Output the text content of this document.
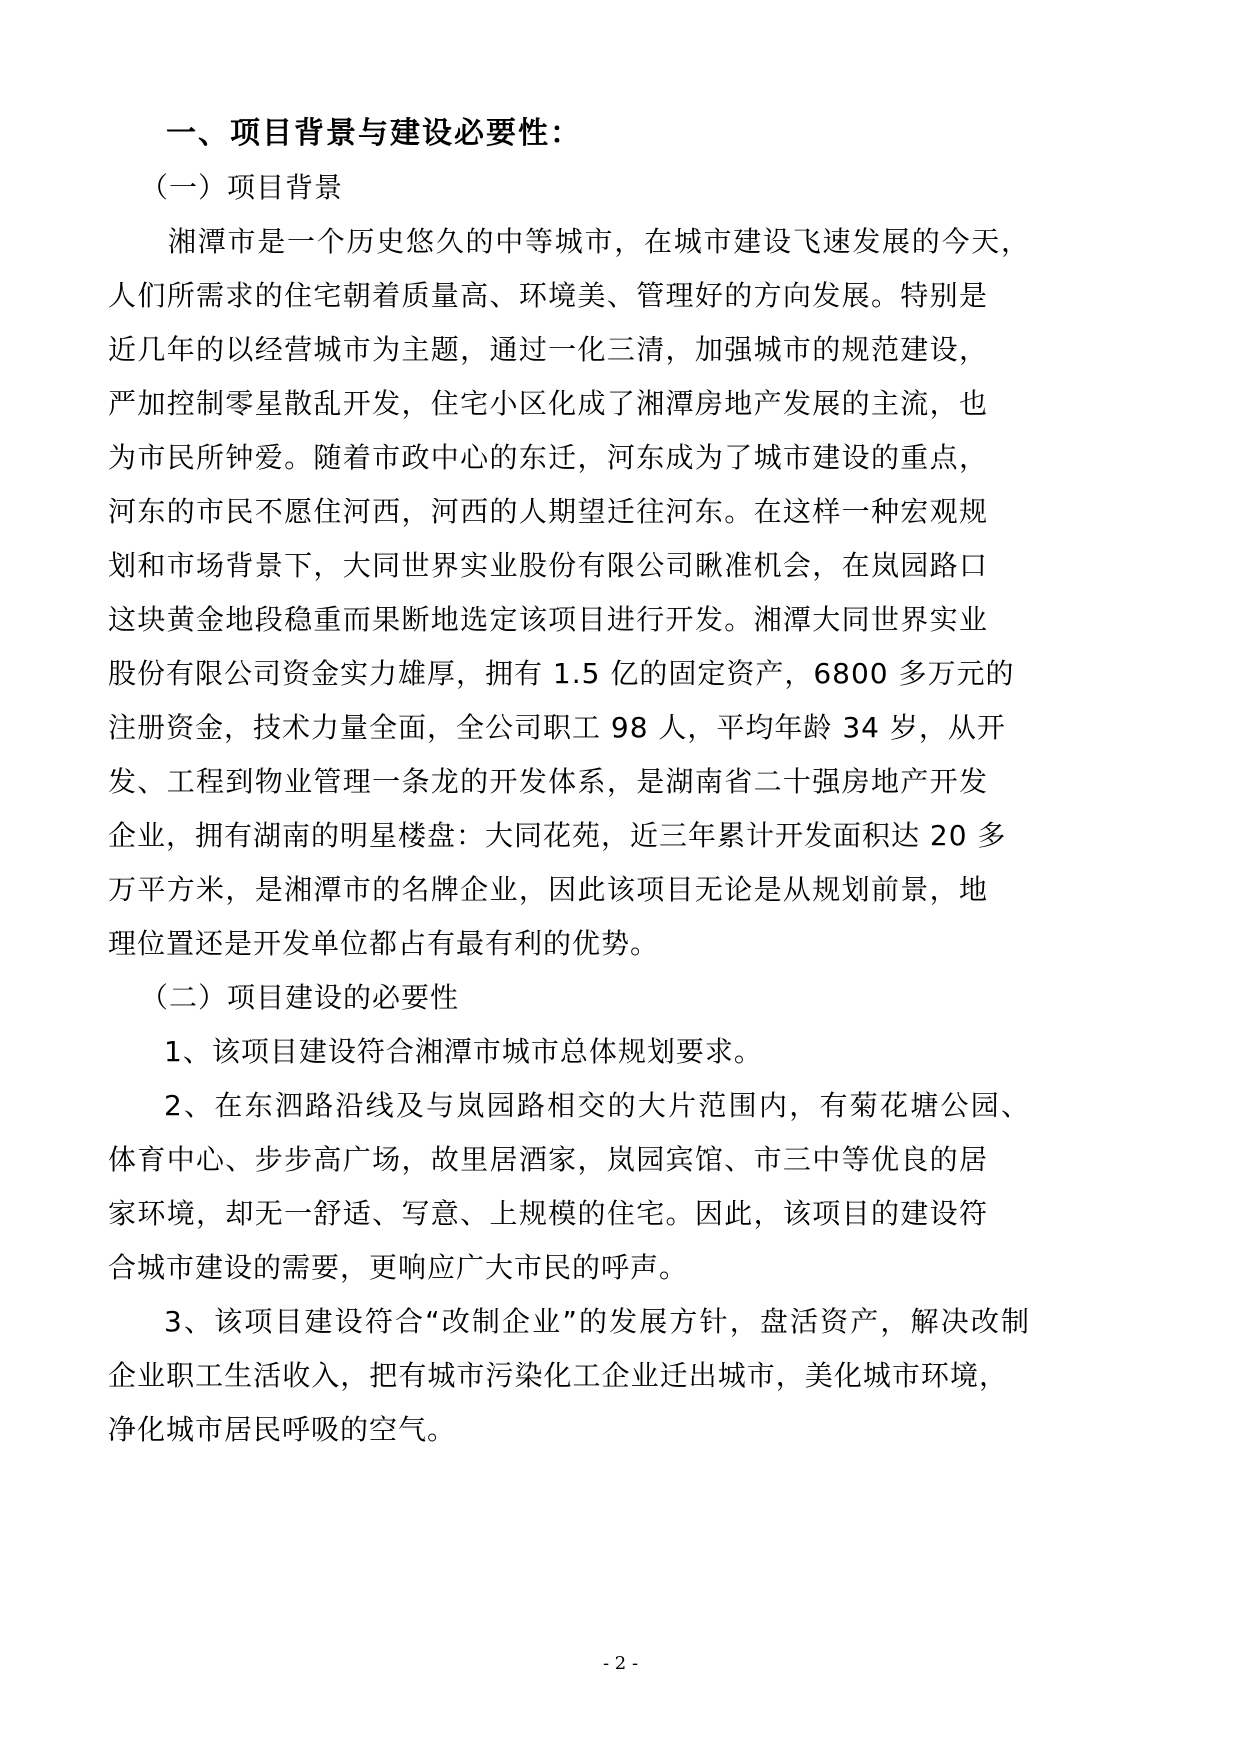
一、项目背景与建设必要性：
（一）项目背景
湘潭市是一个历史悠久的中等城市，在城市建设飞速发展的今天，
人们所需求的住宅朝着质量高、环境美、管理好的方向发展。特别是
近几年的以经营城市为主题，通过一化三清，加强城市的规范建设，
严加控制零星散乱开发，住宅小区化成了湘潭房地产发展的主流，也
为市民所钟爱。随着市政中心的东迁，河东成为了城市建设的重点，
河东的市民不愿住河西，河西的人期望迁往河东。在这样一种宏观规
划和市场背景下，大同世界实业股份有限公司瞅准机会，在岚园路口
这块黄金地段稳重而果断地选定该项目进行开发。湘潭大同世界实业
股份有限公司资金实力雄厚，拥有 1.5 亿的固定资产，6800 多万元的
注册资金，技术力量全面，全公司职工 98 人，平均年龄 34 岁，从开
发、工程到物业管理一条龙的开发体系，是湖南省二十强房地产开发
企业，拥有湖南的明星楼盘：大同花苑，近三年累计开发面积达 20 多
万平方米，是湘潭市的名牌企业，因此该项目无论是从规划前景，地
理位置还是开发单位都占有最有利的优势。
（二）项目建设的必要性
1、该项目建设符合湘潭市城市总体规划要求。
2、在东泗路沿线及与岚园路相交的大片范围内，有菊花塘公园、
体育中心、步步高广场，故里居酒家，岚园宾馆、市三中等优良的居
家环境，却无一舒适、写意、上规模的住宅。因此，该项目的建设符
合城市建设的需要，更响应广大市民的呼声。
3、该项目建设符合“改制企业”的发展方针，盘活资产，解决改制
企业职工生活收入，把有城市污染化工企业迁出城市，美化城市环境，
净化城市居民呼吸的空气。
- 2 -
